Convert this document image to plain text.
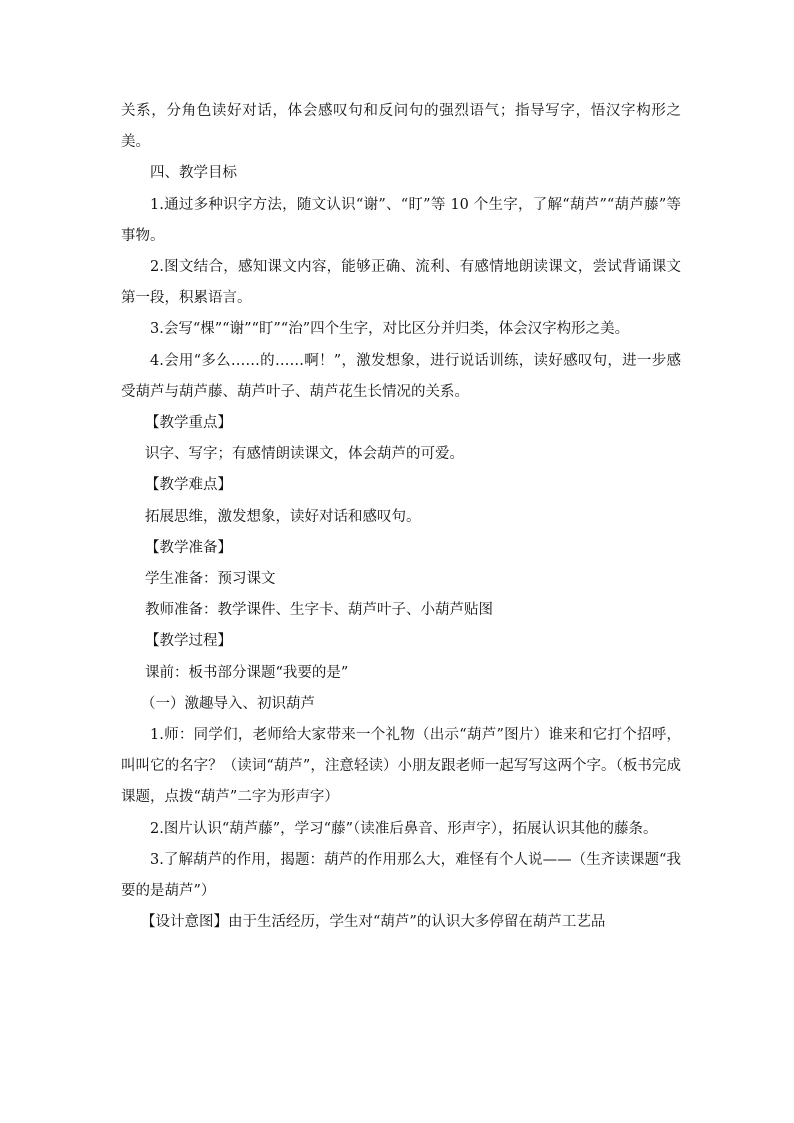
关系，分角色读好对话，体会感叹句和反问句的强烈语气；指导写字，悟汉字构形之美。

四、教学目标

1.通过多种识字方法，随文认识“谢”、“盯”等 10 个生字，了解“葫芦”“葫芦藤”等事物。

2.图文结合，感知课文内容，能够正确、流利、有感情地朗读课文，尝试背诵课文第一段，积累语言。

3.会写“棵”“谢”“盯”“治”四个生字，对比区分并归类，体会汉字构形之美。

4.会用“多么……的……啊！”，激发想象，进行说话训练，读好感叹句，进一步感受葫芦与葫芦藤、葫芦叶子、葫芦花生长情况的关系。

【教学重点】

识字、写字；有感情朗读课文，体会葫芦的可爱。

【教学难点】

拓展思维，激发想象，读好对话和感叹句。

【教学准备】

学生准备：预习课文

教师准备：教学课件、生字卡、葫芦叶子、小葫芦贴图

【教学过程】

课前：板书部分课题“我要的是”

（一）激趣导入、初识葫芦

1.师：同学们，老师给大家带来一个礼物（出示“葫芦”图片）谁来和它打个招呼，叫叫它的名字？（读词“葫芦”，注意轻读）小朋友跟老师一起写写这两个字。（板书完成课题，点拨“葫芦”二字为形声字）

2.图片认识“葫芦藤”，学习“藤”（读准后鼻音、形声字），拓展认识其他的藤条。

3.了解葫芦的作用，揭题：葫芦的作用那么大，难怪有个人说——（生齐读课题“我要的是葫芦”）

【设计意图】由于生活经历，学生对“葫芦”的认识大多停留在葫芦工艺品
